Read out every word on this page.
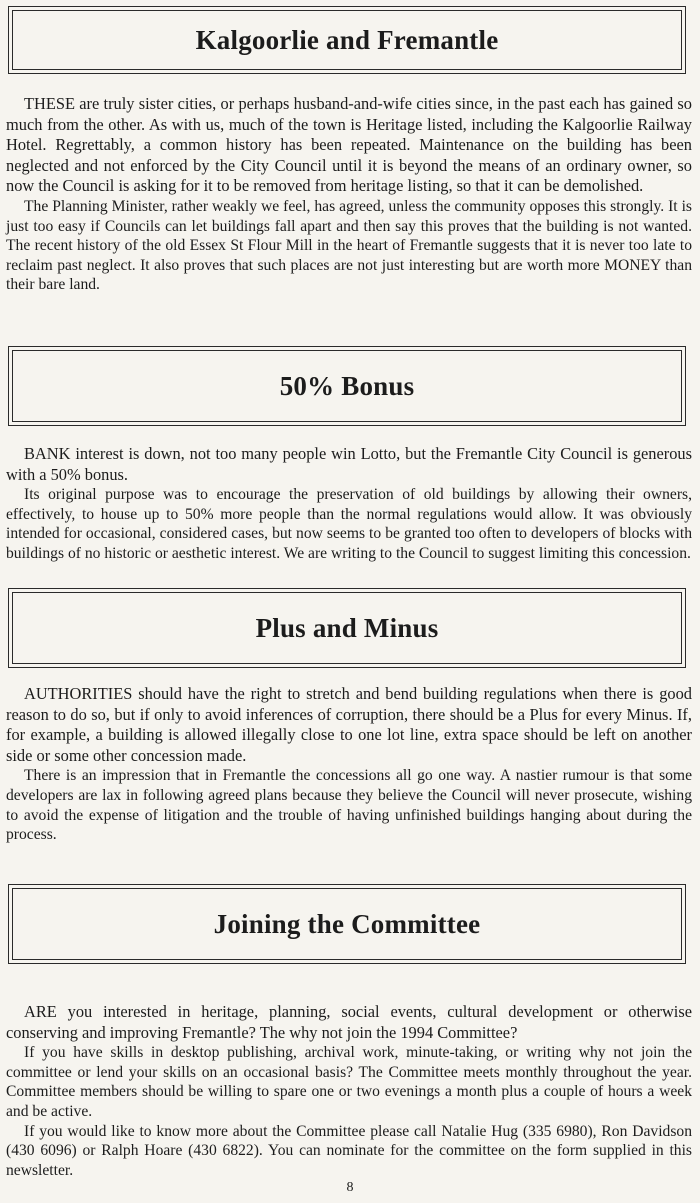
Kalgoorlie and Fremantle

THESE are truly sister cities, or perhaps husband-and-wife cities since, in the past each has gained so much from the other. As with us, much of the town is Heritage listed, including the Kalgoorlie Railway Hotel. Regrettably, a common history has been repeated. Maintenance on the building has been neglected and not enforced by the City Council until it is beyond the means of an ordinary owner, so now the Council is asking for it to be removed from heritage listing, so that it can be demolished.

The Planning Minister, rather weakly we feel, has agreed, unless the community opposes this strongly. It is just too easy if Councils can let buildings fall apart and then say this proves that the building is not wanted. The recent history of the old Essex St Flour Mill in the heart of Fremantle suggests that it is never too late to reclaim past neglect. It also proves that such places are not just interesting but are worth more MONEY than their bare land.

50% Bonus

BANK interest is down, not too many people win Lotto, but the Fremantle City Council is generous with a 50% bonus.

Its original purpose was to encourage the preservation of old buildings by allowing their owners, effectively, to house up to 50% more people than the normal regulations would allow. It was obviously intended for occasional, considered cases, but now seems to be granted too often to developers of blocks with buildings of no historic or aesthetic interest. We are writing to the Council to suggest limiting this concession.

Plus and Minus

AUTHORITIES should have the right to stretch and bend building regulations when there is good reason to do so, but if only to avoid inferences of corruption, there should be a Plus for every Minus. If, for example, a building is allowed illegally close to one lot line, extra space should be left on another side or some other concession made.

There is an impression that in Fremantle the concessions all go one way. A nastier rumour is that some developers are lax in following agreed plans because they believe the Council will never prosecute, wishing to avoid the expense of litigation and the trouble of having unfinished buildings hanging about during the process.

Joining the Committee

ARE you interested in heritage, planning, social events, cultural development or otherwise conserving and improving Fremantle? The why not join the 1994 Committee?

If you have skills in desktop publishing, archival work, minute-taking, or writing why not join the committee or lend your skills on an occasional basis? The Committee meets monthly throughout the year. Committee members should be willing to spare one or two evenings a month plus a couple of hours a week and be active.

If you would like to know more about the Committee please call Natalie Hug (335 6980), Ron Davidson (430 6096) or Ralph Hoare (430 6822). You can nominate for the committee on the form supplied in this newsletter.

8
